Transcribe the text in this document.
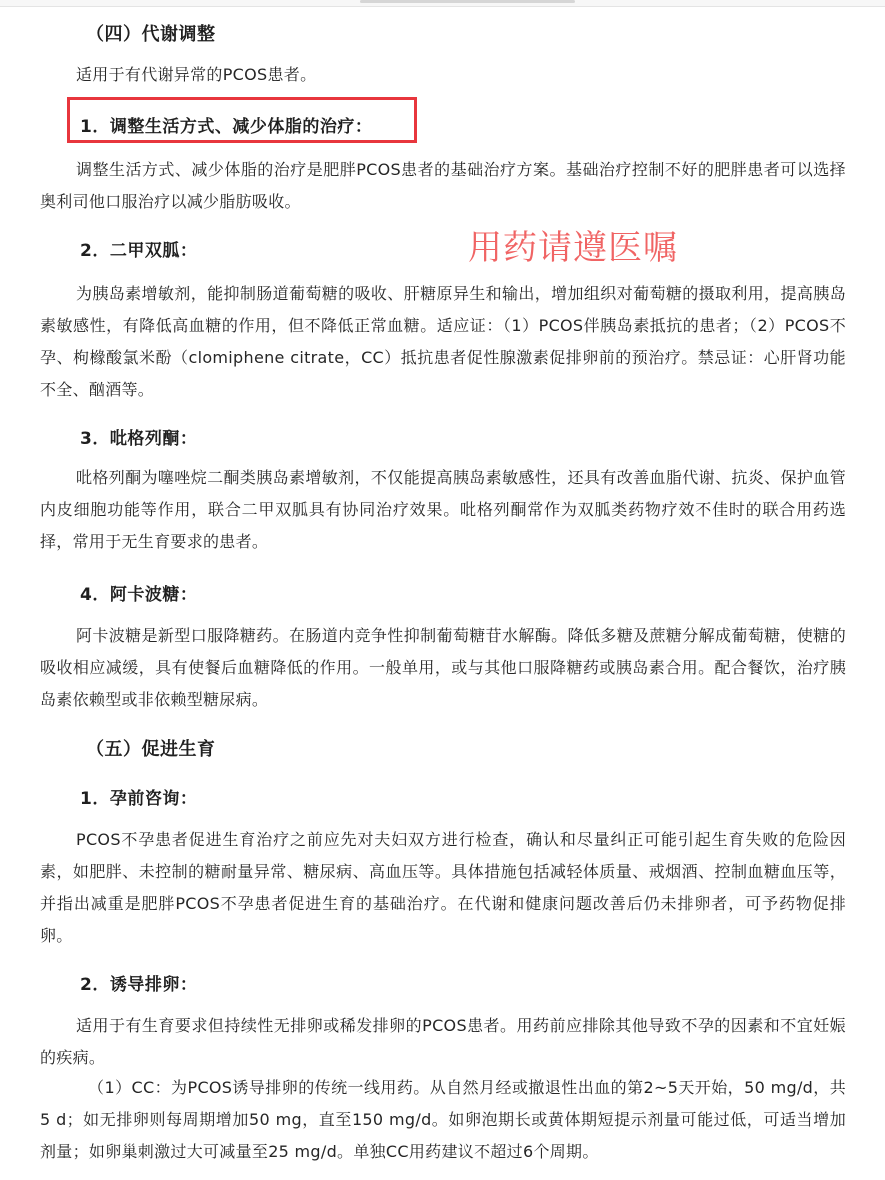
（四）代谢调整
适用于有代谢异常的PCOS患者。
1．调整生活方式、减少体脂的治疗：
调整生活方式、减少体脂的治疗是肥胖PCOS患者的基础治疗方案。基础治疗控制不好的肥胖患者可以选择奥利司他口服治疗以减少脂肪吸收。
2．二甲双胍：	用药请遵医嘱
为胰岛素增敏剂，能抑制肠道葡萄糖的吸收、肝糖原异生和输出，增加组织对葡萄糖的摄取利用，提高胰岛素敏感性，有降低高血糖的作用，但不降低正常血糖。适应证：（1）PCOS伴胰岛素抵抗的患者；（2）PCOS不孕、枸橼酸氯米酚（clomiphene citrate，CC）抵抗患者促性腺激素促排卵前的预治疗。禁忌证：心肝肾功能不全、酗酒等。
3．吡格列酮：
吡格列酮为噻唑烷二酮类胰岛素增敏剂，不仅能提高胰岛素敏感性，还具有改善血脂代谢、抗炎、保护血管内皮细胞功能等作用，联合二甲双胍具有协同治疗效果。吡格列酮常作为双胍类药物疗效不佳时的联合用药选择，常用于无生育要求的患者。
4．阿卡波糖：
阿卡波糖是新型口服降糖药。在肠道内竞争性抑制葡萄糖苷水解酶。降低多糖及蔗糖分解成葡萄糖，使糖的吸收相应减缓，具有使餐后血糖降低的作用。一般单用，或与其他口服降糖药或胰岛素合用。配合餐饮，治疗胰岛素依赖型或非依赖型糖尿病。
（五）促进生育
1．孕前咨询：
PCOS不孕患者促进生育治疗之前应先对夫妇双方进行检查，确认和尽量纠正可能引起生育失败的危险因素，如肥胖、未控制的糖耐量异常、糖尿病、高血压等。具体措施包括减轻体质量、戒烟酒、控制血糖血压等，并指出减重是肥胖PCOS不孕患者促进生育的基础治疗。在代谢和健康问题改善后仍未排卵者，可予药物促排卵。
2．诱导排卵：
适用于有生育要求但持续性无排卵或稀发排卵的PCOS患者。用药前应排除其他导致不孕的因素和不宜妊娠的疾病。
（1）CC：为PCOS诱导排卵的传统一线用药。从自然月经或撤退性出血的第2~5天开始，50 mg/d，共5 d；如无排卵则每周期增加50 mg，直至150 mg/d。如卵泡期长或黄体期短提示剂量可能过低，可适当增加剂量；如卵巢刺激过大可减量至25 mg/d。单独CC用药建议不超过6个周期。
